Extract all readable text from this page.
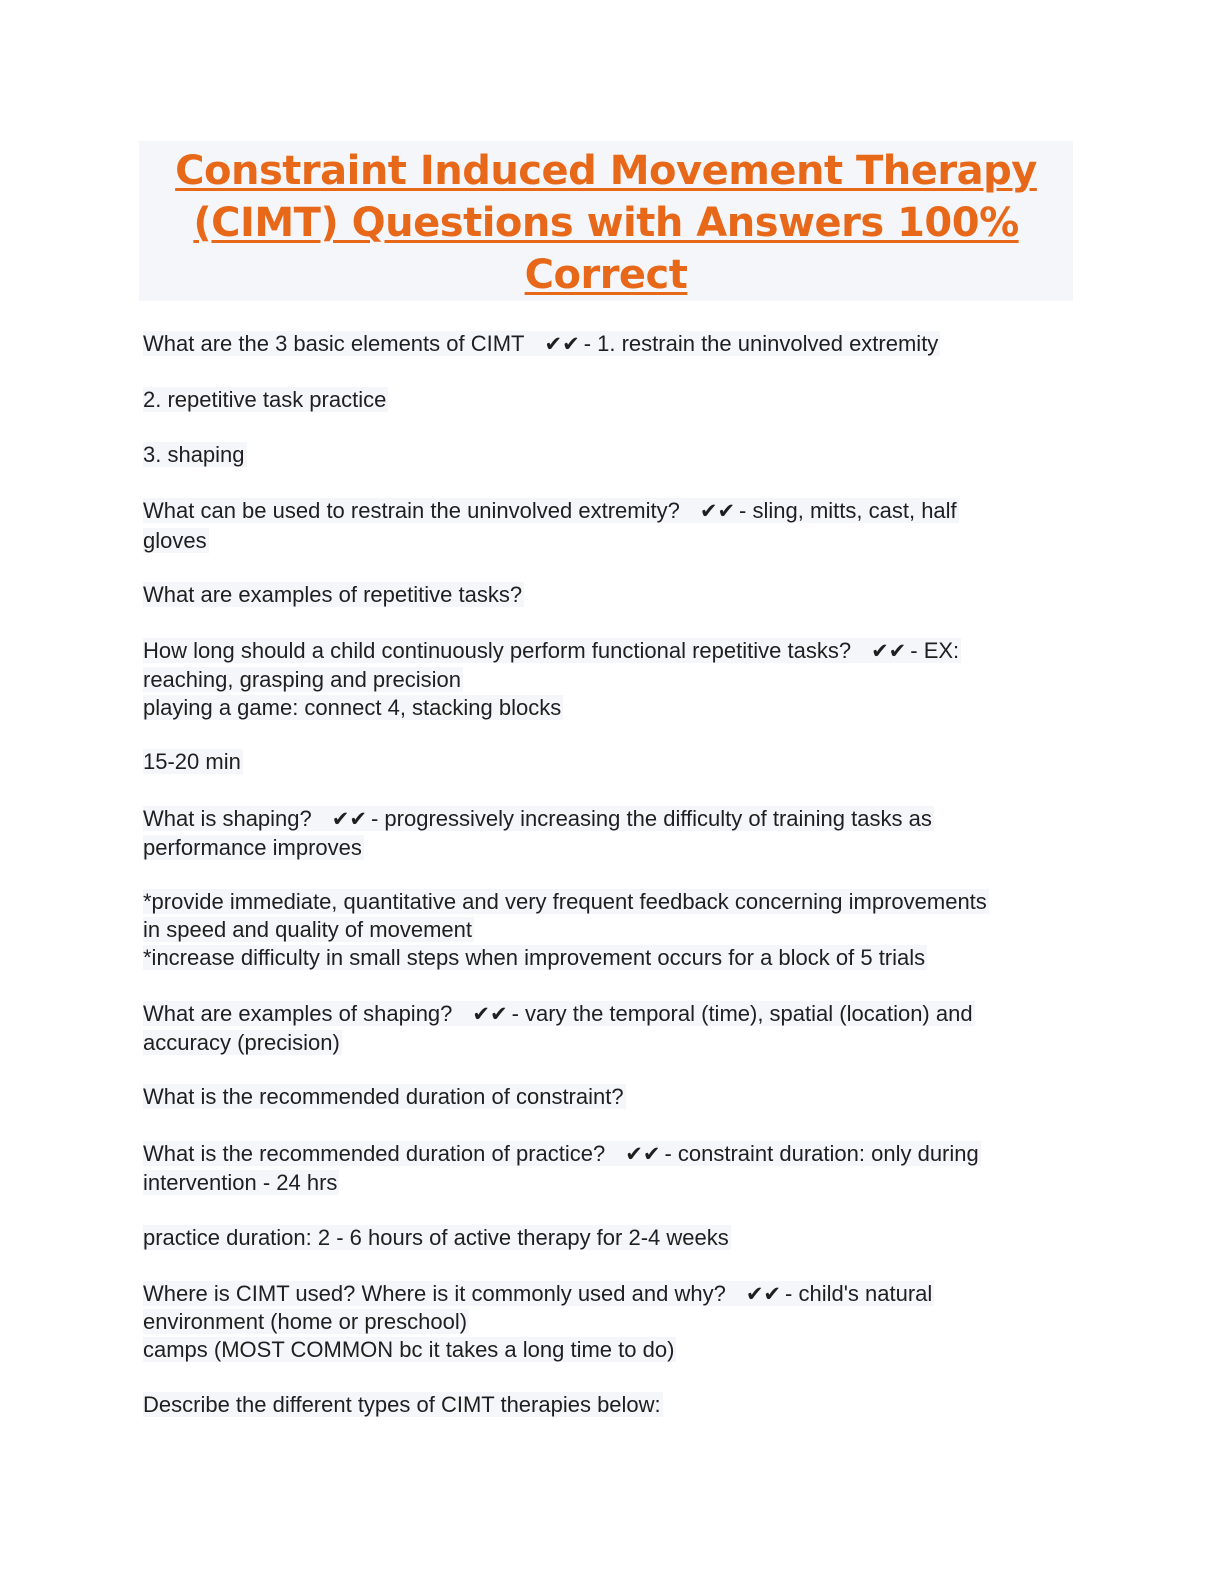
Constraint Induced Movement Therapy
(CIMT) Questions with Answers 100%
Correct
What are the 3 basic elements of CIMT ✔✔ - 1. restrain the uninvolved extremity
2. repetitive task practice
3. shaping
What can be used to restrain the uninvolved extremity? ✔✔ - sling, mitts, cast, half
gloves
What are examples of repetitive tasks?
How long should a child continuously perform functional repetitive tasks? ✔✔ - EX:
reaching, grasping and precision
playing a game: connect 4, stacking blocks
15-20 min
What is shaping? ✔✔ - progressively increasing the difficulty of training tasks as
performance improves
*provide immediate, quantitative and very frequent feedback concerning improvements
in speed and quality of movement
*increase difficulty in small steps when improvement occurs for a block of 5 trials
What are examples of shaping? ✔✔ - vary the temporal (time), spatial (location) and
accuracy (precision)
What is the recommended duration of constraint?
What is the recommended duration of practice? ✔✔ - constraint duration: only during
intervention - 24 hrs
practice duration: 2 - 6 hours of active therapy for 2-4 weeks
Where is CIMT used? Where is it commonly used and why? ✔✔ - child's natural
environment (home or preschool)
camps (MOST COMMON bc it takes a long time to do)
Describe the different types of CIMT therapies below:
